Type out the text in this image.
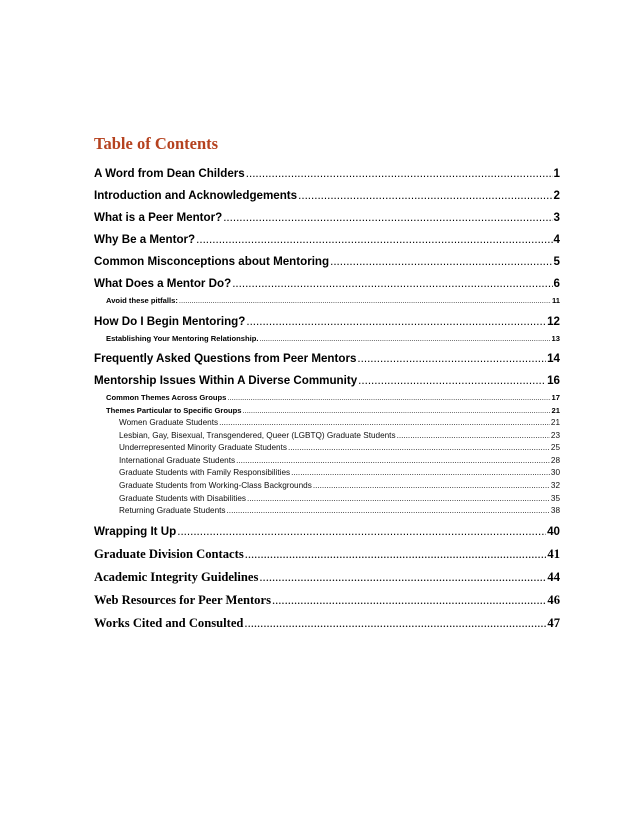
Table of Contents
A Word from Dean Childers .....	1
Introduction and Acknowledgements .....	2
What is a Peer Mentor? .....	3
Why Be a Mentor? .....	4
Common Misconceptions about Mentoring .....	5
What Does a Mentor Do? .....	6
Avoid these pitfalls: .....	11
How Do I Begin Mentoring? .....	12
Establishing Your Mentoring Relationship. .....	13
Frequently Asked Questions from Peer Mentors .....	14
Mentorship Issues Within A Diverse Community .....	16
Common Themes Across Groups .....	17
Themes Particular to Specific Groups .....	21
Women Graduate Students .....	21
Lesbian, Gay, Bisexual, Transgendered, Queer (LGBTQ) Graduate Students .....	23
Underrepresented Minority Graduate Students .....	25
International Graduate Students .....	28
Graduate Students with Family Responsibilities .....	30
Graduate Students from Working-Class Backgrounds .....	32
Graduate Students with Disabilities .....	35
Returning Graduate Students .....	38
Wrapping It Up .....	40
Graduate Division Contacts .....	41
Academic Integrity Guidelines .....	44
Web Resources for Peer Mentors .....	46
Works Cited and Consulted .....	47
